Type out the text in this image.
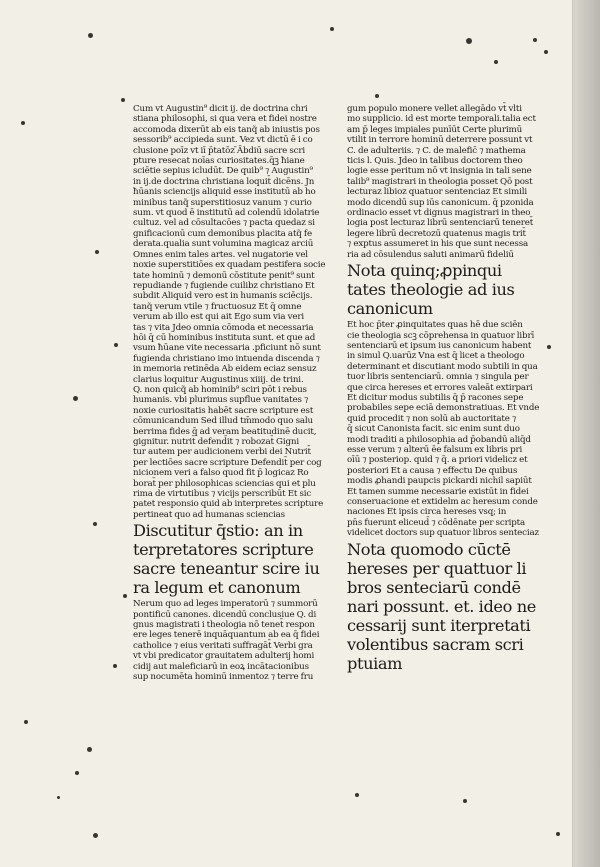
Cum vt Augustin⁹ dicit ij. de doctrina chri
stiana philosophi, si qua vera et fidei nostre
accomoda dixerūt ab eis tanq̃ ab iniustis pos
sessorib⁹ accipieda sunt. Vez vt dictū ē i co
clusione poīz vt iī p̄tatōz ̄Ābdiū sacre scri
pture resecat noīas curiositates.q̄ꝫ ħiane
sciētie sepius icludūt. De quib⁹ ⁊ Augustin⁹
in ij.de doctrina christiana loquit̄ dicēns. Jn
ħūanis sciencijs aliquid esse institutū ab ho
minibus tanq̃ superstitiosuz vanum ⁊ curio
sum. vt quod ē institutū ad colendū idolatrie
cultuz. vel ad cōsultacōes ⁊ pacta quedaz si
gnificacionū cum demonibus placita atq̃ fe
derata.qualia sunt volumina magicaz arciū
Omnes enim tales artes. vel nugatorie vel
noxie superstitiōes ex quadam pestifera socie
tate hominū ⁊ demonū cōstitute penit⁹ sunt
repudiande ⁊ fugiende cuilibz christiano Et
subdit Aliquid vero est in humanis sciēcijs.
tanq̃ verum vtile ⁊ fructuosuz Et q̄ omne
verum ab illo est qui ait Ego sum via veri
tas ⁊ vita Jdeo omnia cōmoda et necessaria
hōi q̄ cū hominibus instituta sunt. et que ad
vsum ħūane vite necessaria .pficiunt nō sunt
fugienda christiano imo intuenda discenda ⁊
in memoria retinēda Ab eidem eciaz sensuz
clarius loquitur Augustinus xiiij. de trini.
Q. non quicq̃ ab hominib⁹ sciri pōt i rebus
humanis. vbi plurimus supflue vanitates ⁊
noxie curiositatis habēt sacre scripture est
cōmunicandum Sed illud tm̄modo quo salu
berrima fides q̄ ad veram beatitudinē ducit,
gignitur. nutrit̄ defend̄it ⁊ robozat̄ Gigni
tur autem per audicionem verbi dei Nutrit̄
per lectiōes sacre scripture Defendit̄ per cog
nicionem veri a falso quod fit p̄ logicaz Ro
borat̄ per philosophicas sciencias qui et plu
rima de virtutibus ⁊ vicijs perscribūt Et sic
patet responsio quid ab interpretes scripture
pertineat quo ad humanas sciencias

Discutitur q̄stio: an in
terpretatores scripture
sacre teneantur scire iu
ra legum et canonum

Nerum quo ad leges imperatorū ⁊ summorū
pontificū canones. dicendū conclusiue Q. di
gnus magistrati i theologia nō tenet̄ respon
ere leges tenerē inquāquantum ab ea q̄ fidei
catholice ⁊ eius veritati suffragāt̄ Verbi gra
vt vbi predicator grauitatem adulterij homi
cidij aut maleficiarū in eoꝝ incātacionibus
sup nocumēta hominū inmentoz ⁊ terre fru

gum populo monere vellet allegādo vt̄ vlti
mo supplicio. id est morte temporali.talia ect
am p̄ leges impiales punīūt Certe plurimū
vtilit̄ in terrore hominū deterrere possunt vt
C. de adulteriis. ⁊ C. de malefic̄ ⁊ mathema
ticis l. Quis. Jdeo in talibus doctorem theo
logie esse peritum nō vt insignia in tali sene
talib⁹ magistrari in theologia posset Qō post
lecturaz libioz quatuor sentenciaz Et simili
modo dicendū sup iūs canonicum. q̄ pzonida
ordinacio esset vt dignus magistrari in theo
logia post lecturaz librū sentenciarū teneret̄
legere librū decretozū quatenus magis trit̄
⁊ exptus assumeret in his que sunt necessa
ria ad cōsulendus saluti animarū fideliū

Nota quinq;ꝓpinqui
tates theologie ad ius
canonicum

Et hoc p̄ter ꝓinquitates quas hē due sciēn
cie theologia scꝫ cōprehensa in quatuor librī
sentenciarū et ipsum ius canonicum habent
in simul Q.uarūz Vna est q̄ licet a theologo
determinant et discutiant modo subtili in qua
tuor libris sentenciarū. omnia ⁊ singula per
que circa hereses et errores valeāt extirpari
Et dicitur modus subtilis q̄ p̄ racones sepe
probabiles sepe eciā demonstratiuas. Et vnde
quid procedit ⁊ non solū ab auctoritate ⁊
q̄ sicut Canonista facit. sic enim sunt duo
modi traditi a philosophia ad p̄obandū aliq̄d
esse verum ⁊ alterū ēe falsum ex libris pri
oīū ⁊ posteriop. quid ⁊ q̄. a priori videlicz et
posteriori Et a causa ⁊ effectu De quibus
modis ꝓhandi paupcis pickardi nichil sapiūt
Et tamen summe necessarie existūt in fidei
conseruacione et extidelm ac heresum conde
naciones Et ipsis circa hereses vsq; in
pn̄s fuerunt eliceud̄ ⁊ cōdēnate per scripta
videlicet doctors sup quatuor libros senteciaz

Nota quomodo cūctē
hereses per quattuor li
bros senteciarū condē
nari possunt. et. ideo ne
cessarij sunt iterpretati
volentibus sacram scri
ptuiam
